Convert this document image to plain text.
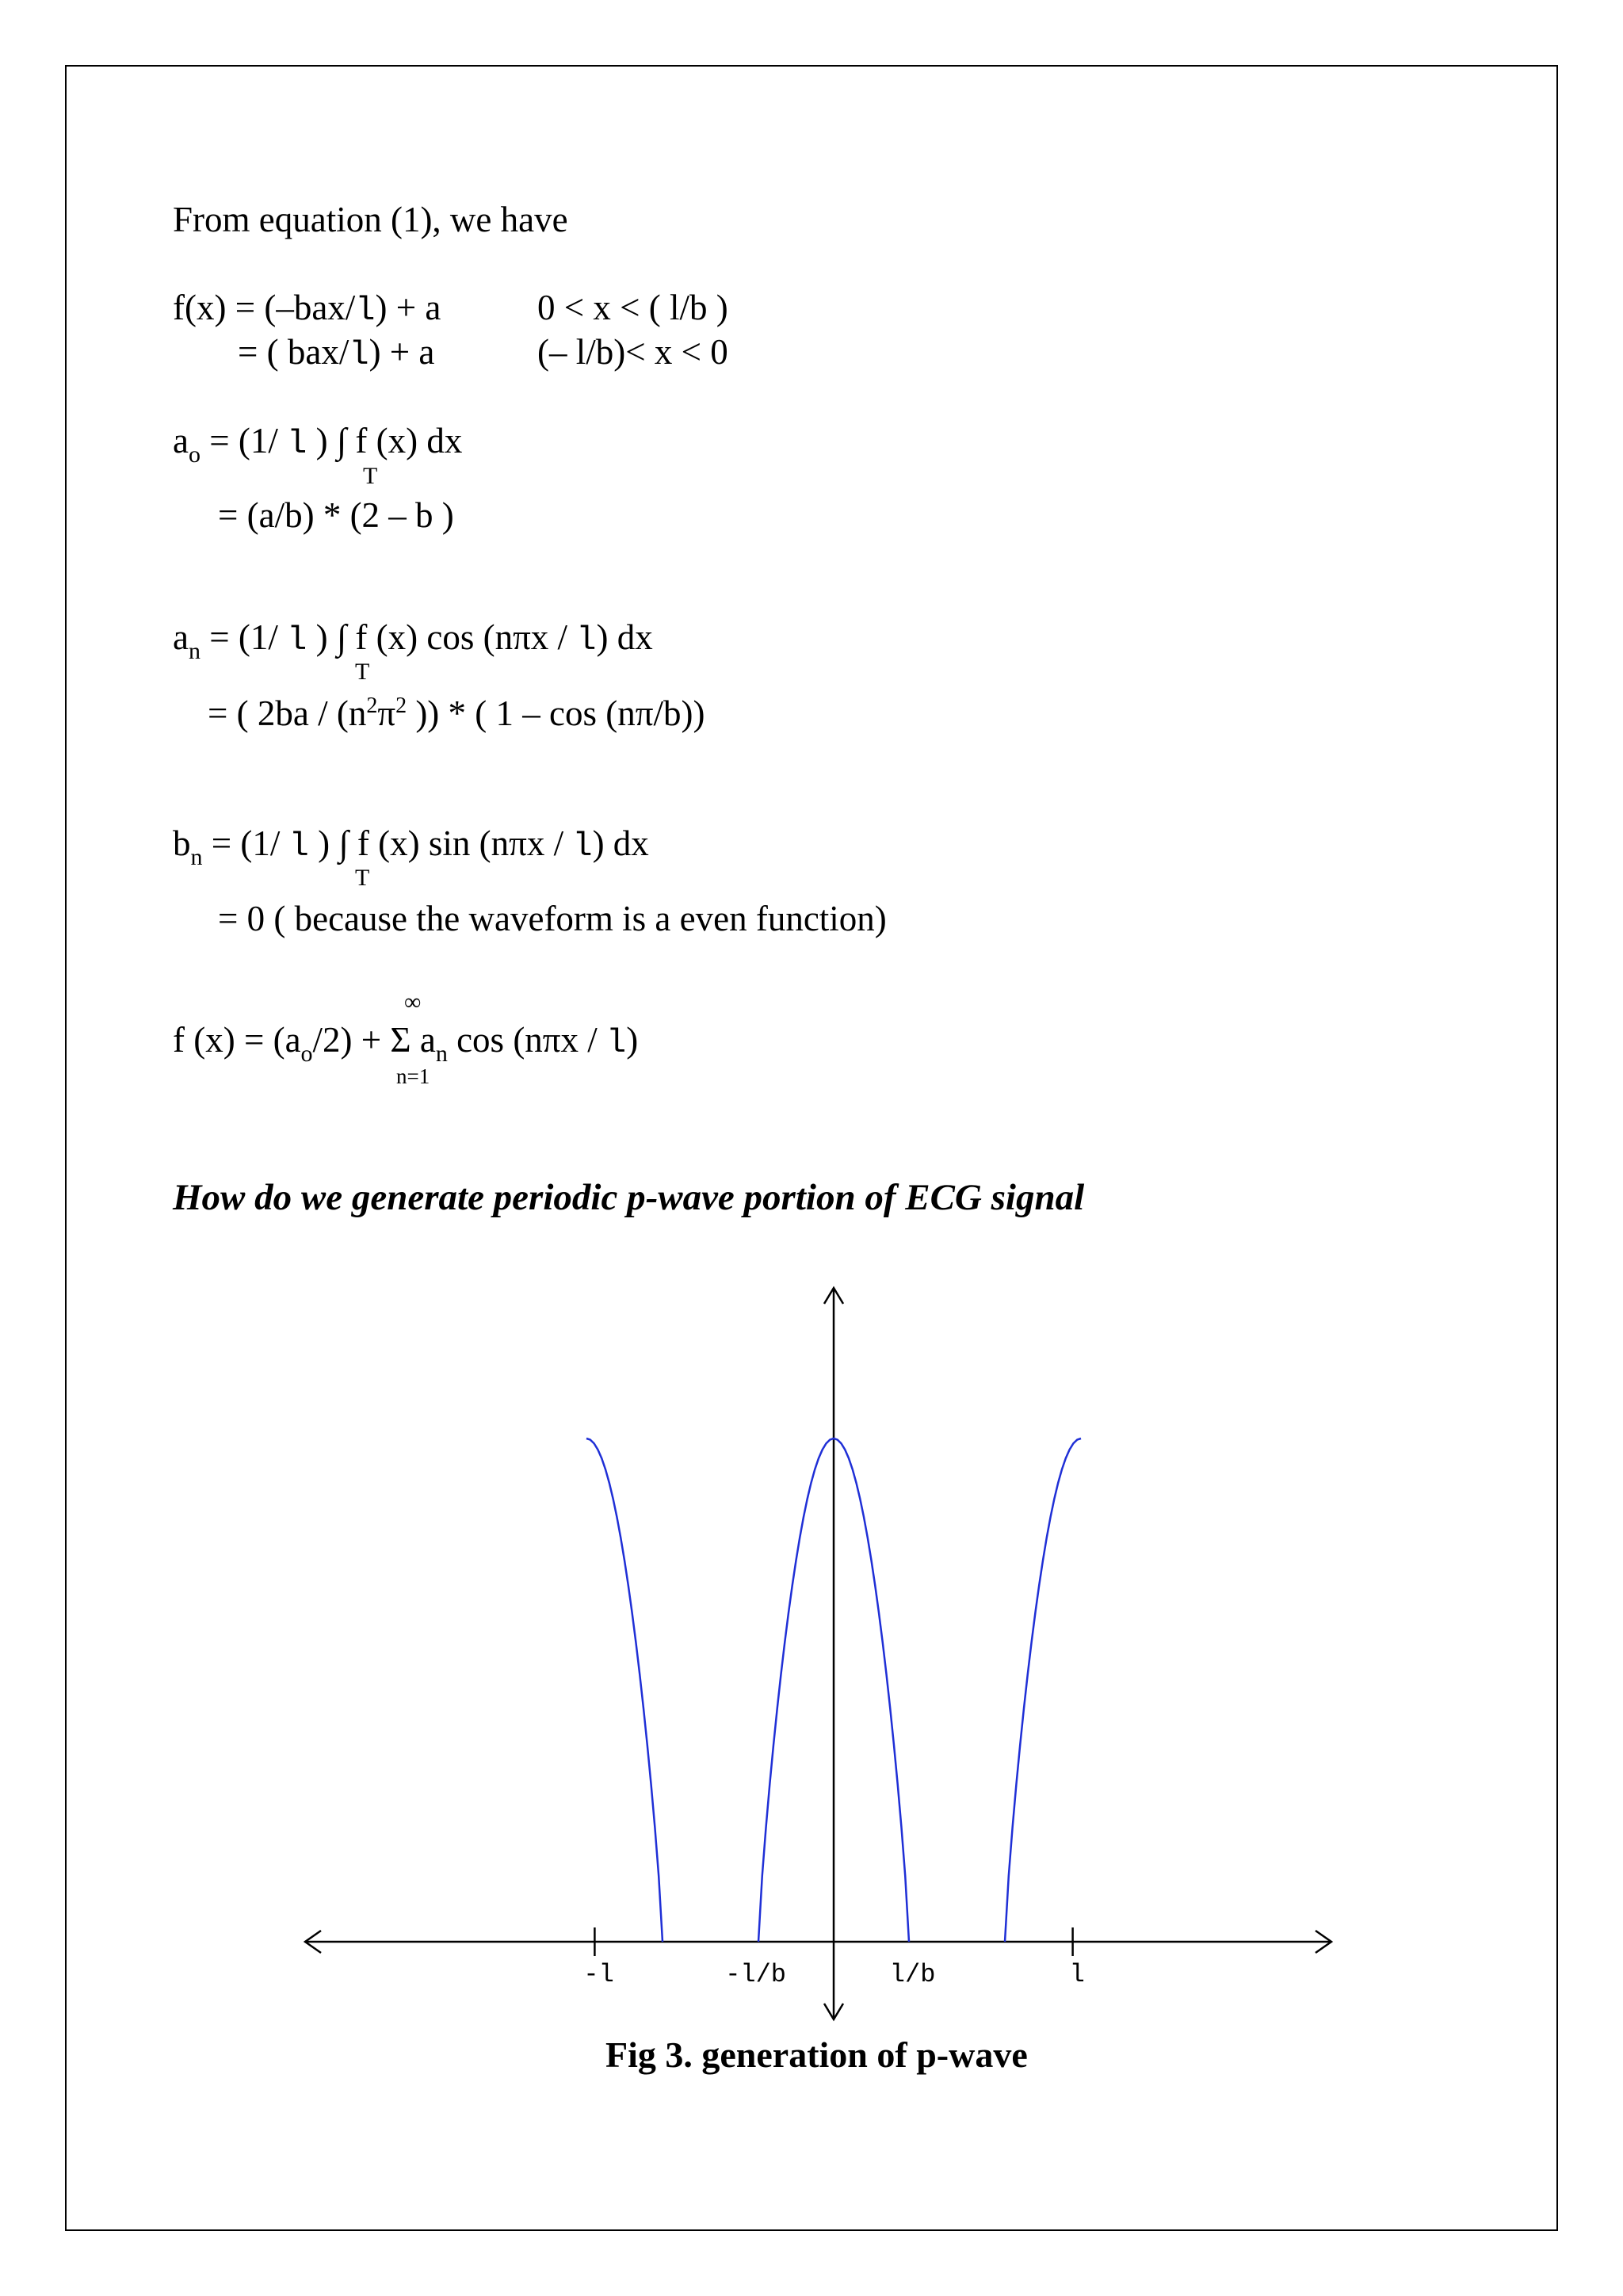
From equation (1), we have
f(x) = (–bax/l) + a	0 < x < ( l/b )
= ( bax/l) + a	(– l/b)< x < 0
$a_o = (1/$ l ) ∫ f (x) dx
T
= (a/b) * (2 – b )
$a_n = (1/$ l ) ∫ f (x) cos (nπx / l) dx
T
= ( $2ba / (n^2\pi^2$ )) * ( 1 – cos (nπ/b))
$b_n = (1/$ l ) ∫ f (x) sin (nπx / l) dx
T
= 0 ( because the waveform is a even function)
∞
f $(x) = (a_o/2) + \Sigma$ $a_n$ cos (nπx / l)
n=1
How do we generate periodic p-wave portion of ECG signal
-l	-l/b	l/b	l
Fig 3. generation of p-wave
